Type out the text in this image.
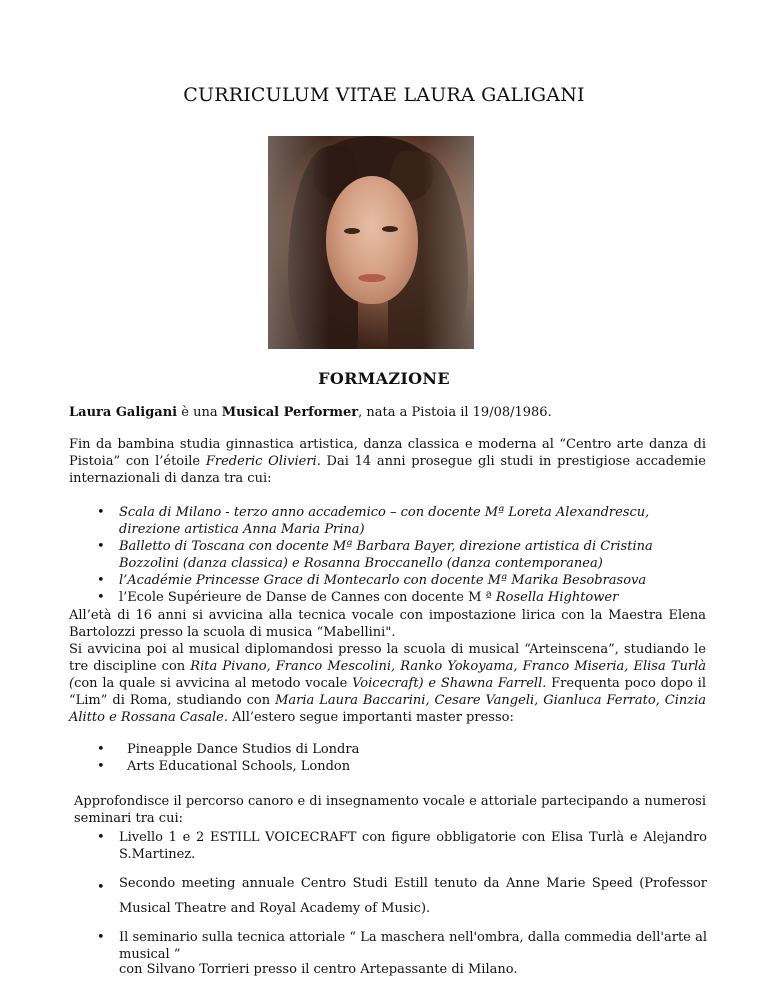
CURRICULUM VITAE LAURA GALIGANI
FORMAZIONE

Laura Galigani è una Musical Performer, nata a Pistoia il 19/08/1986.

Fin da bambina studia ginnastica artistica, danza classica e moderna al “Centro arte danza di Pistoia” con l’étoile Frederic Olivieri. Dai 14 anni prosegue gli studi in prestigiose accademie internazionali di danza tra cui:

• Scala di Milano - terzo anno accademico – con docente Mª Loreta Alexandrescu,
direzione artistica Anna Maria Prina)
• Balletto di Toscana con docente Mª Barbara Bayer, direzione artistica di Cristina
Bozzolini (danza classica) e Rosanna Broccanello (danza contemporanea)
• l’Académie Princesse Grace di Montecarlo con docente Mª Marika Besobrasova
• l’Ecole Supérieure de Danse de Cannes con docente M ª Rosella Hightower

All’età di 16 anni si avvicina alla tecnica vocale con impostazione lirica con la Maestra Elena Bartolozzi presso la scuola di musica “Mabellini".

Si avvicina poi al musical diplomandosi presso la scuola di musical “Arteinscena”, studiando le tre discipline con Rita Pivano, Franco Mescolini, Ranko Yokoyama, Franco Miseria, Elisa Turlà (con la quale si avvicina al metodo vocale Voicecraft) e Shawna Farrell. Frequenta poco dopo il “Lim” di Roma, studiando con Maria Laura Baccarini, Cesare Vangeli, Gianluca Ferrato, Cinzia Alitto e Rossana Casale. All’estero segue importanti master presso:

• Pineapple Dance Studios di Londra
• Arts Educational Schools, London

Approfondisce il percorso canoro e di insegnamento vocale e attoriale partecipando a numerosi seminari tra cui:

• Livello 1 e 2 ESTILL VOICECRAFT con figure obbligatorie con Elisa Turlà e Alejandro S.Martinez.
• Secondo meeting annuale Centro Studi Estill tenuto da Anne Marie Speed (Professor Musical Theatre and Royal Academy of Music).
• Il seminario sulla tecnica attoriale “ La maschera nell'ombra, dalla commedia dell'arte al musical ”

con Silvano Torrieri presso il centro Artepassante di Milano.
